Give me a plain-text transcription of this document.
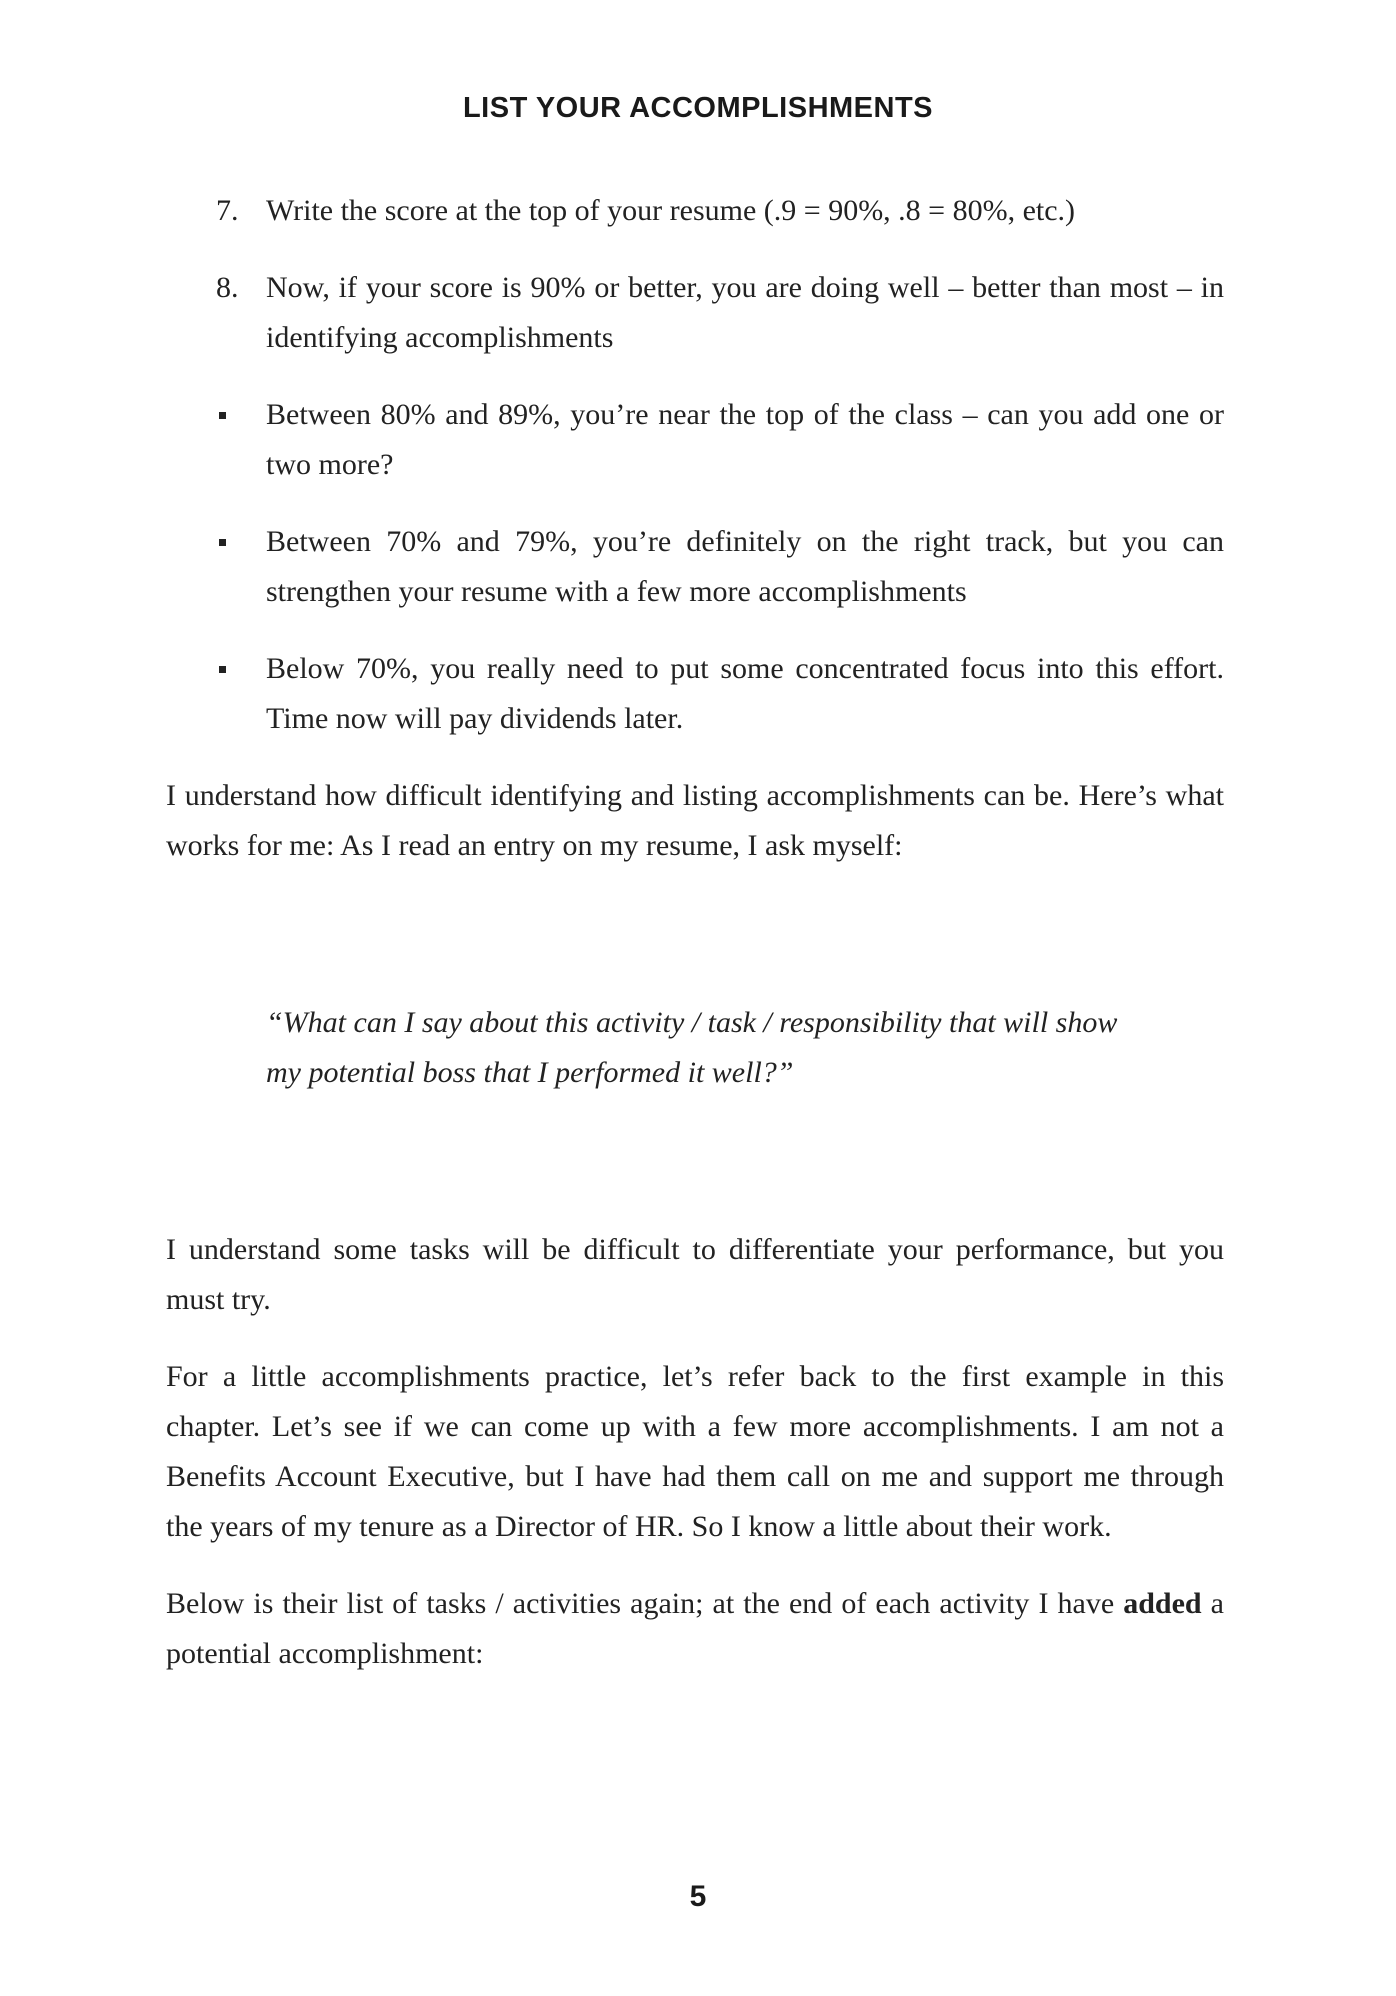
LIST YOUR ACCOMPLISHMENTS
7. Write the score at the top of your resume (.9 = 90%, .8 = 80%, etc.)
8. Now, if your score is 90% or better, you are doing well – better than most – in identifying accomplishments
Between 80% and 89%, you’re near the top of the class – can you add one or two more?
Between 70% and 79%, you’re definitely on the right track, but you can strengthen your resume with a few more accomplishments
Below 70%, you really need to put some concentrated focus into this effort. Time now will pay dividends later.

I understand how difficult identifying and listing accomplishments can be. Here’s what works for me: As I read an entry on my resume, I ask myself:

“What can I say about this activity / task / responsibility that will show my potential boss that I performed it well?”

I understand some tasks will be difficult to differentiate your performance, but you must try.

For a little accomplishments practice, let’s refer back to the first example in this chapter. Let’s see if we can come up with a few more accomplishments. I am not a Benefits Account Executive, but I have had them call on me and support me through the years of my tenure as a Director of HR. So I know a little about their work.

Below is their list of tasks / activities again; at the end of each activity I have added a potential accomplishment:

5
